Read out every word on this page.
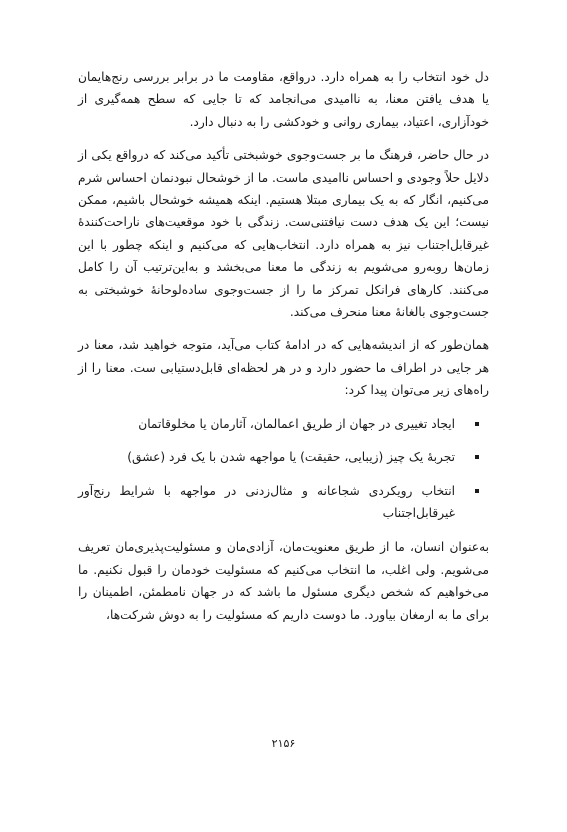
دل خود انتخاب را به همراه دارد. درواقع، مقاومت ما در برابر بررسی رنج‌هایمان یا هدف یافتن معنا، به ناامیدی می‌انجامد که تا جایی که سطح همه‌گیری از خودآزاری، اعتیاد، بیماری روانی و خودکشی را به دنبال دارد.

در حال حاضر، فرهنگ ما بر جست‌وجوی خوشبختی تأکید می‌کند که درواقع یکی از دلایل حلاً وجودی و احساس ناامیدی ماست. ما از خوشحال نبودنمان احساس شرم می‌کنیم، انگار که به یک بیماری مبتلا هستیم. اینکه همیشه خوشحال باشیم، ممکن نیست؛ این یک هدف دست نیافتنی‌ست. زندگی با خود موقعیت‌های ناراحت‌کنندهٔ غیرقابل‌اجتناب نیز به همراه دارد. انتخاب‌هایی که می‌کنیم و اینکه چطور با این زمان‌ها روبه‌رو می‌شویم به زندگی ما معنا می‌بخشد و به‌این‌ترتیب آن را کامل می‌کنند. کارهای فرانکل تمرکز ما را از جست‌وجوی ساده‌لوحانهٔ خوشبختی به جست‌وجوی بالغانهٔ معنا منحرف می‌کند.

همان‌طور که از اندیشه‌هایی که در ادامهٔ کتاب می‌آید، متوجه خواهید شد، معنا در هر جایی در اطراف ما حضور دارد و در هر لحظه‌ای قابل‌دستیابی ست. معنا را از راه‌های زیر می‌توان پیدا کرد:

ایجاد تغییری در جهان از طریق اعمالمان، آثارمان یا مخلوقاتمان
تجربهٔ یک چیز (زیبایی، حقیقت) یا مواجهه شدن با یک فرد (عشق)
انتخاب رویکردی شجاعانه و مثال‌زدنی در مواجهه با شرایط رنج‌آور غیرقابل‌اجتناب

به‌عنوان انسان، ما از طریق معنویت‌مان، آزادی‌مان و مسئولیت‌پذیری‌مان تعریف می‌شویم. ولی اغلب، ما انتخاب می‌کنیم که مسئولیت خودمان را قبول نکنیم. ما می‌خواهیم که شخص دیگری مسئول ما باشد که در جهان نامطمئن، اطمینان را برای ما به ارمغان بیاورد. ما دوست داریم که مسئولیت را به دوش شرکت‌ها،

۲۱۵۶
